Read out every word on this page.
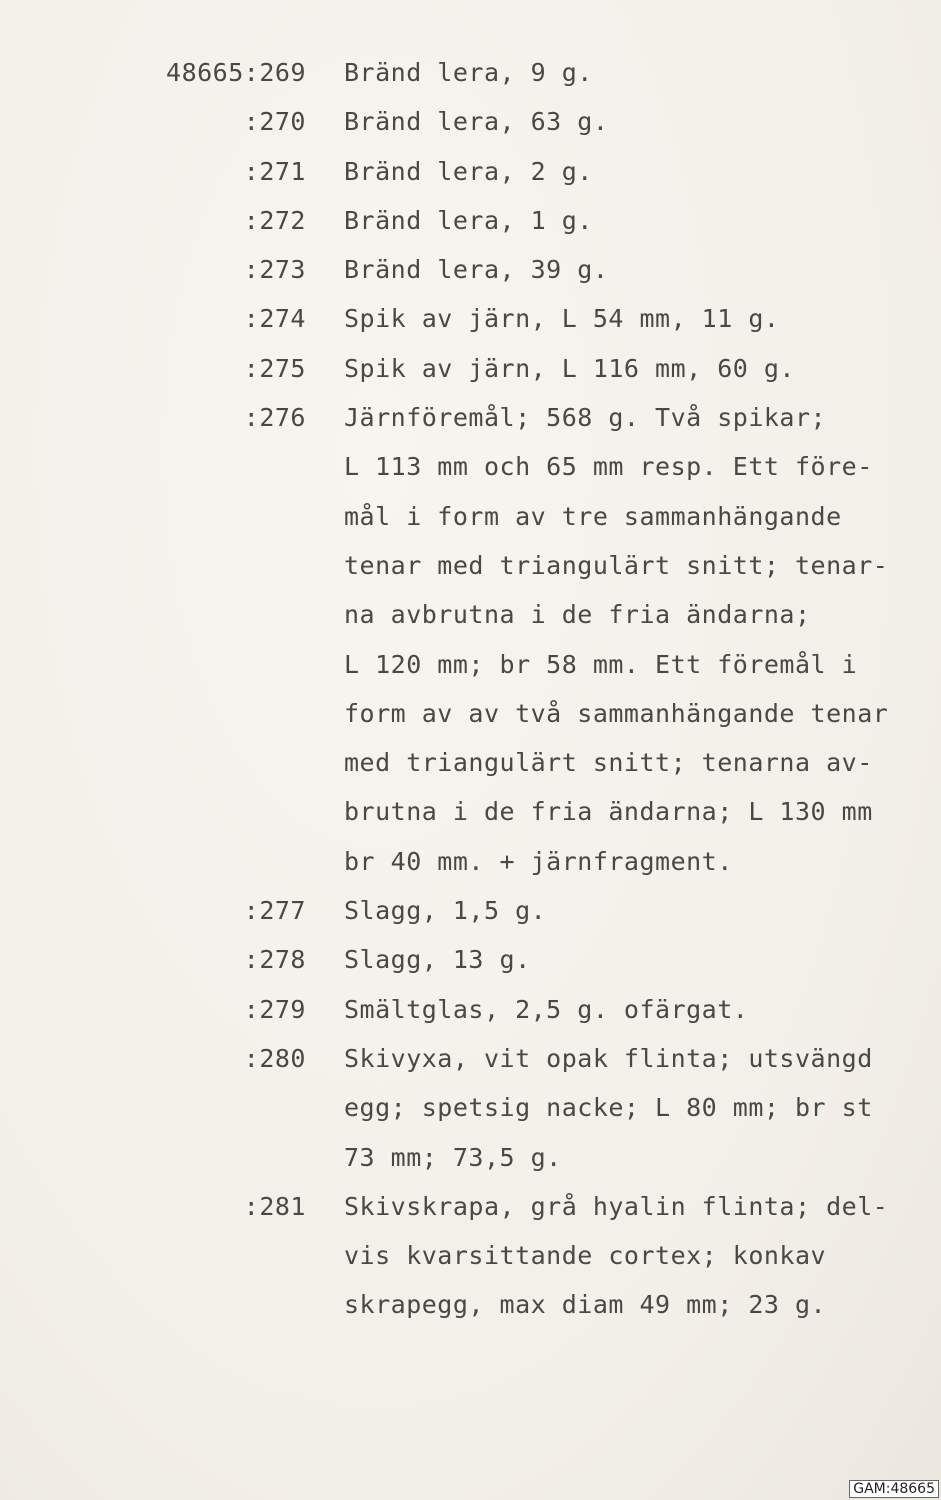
48665:269 Bränd lera, 9 g.
:270 Bränd lera, 63 g.
:271 Bränd lera, 2 g.
:272 Bränd lera, 1 g.
:273 Bränd lera, 39 g.
:274 Spik av järn, L 54 mm, 11 g.
:275 Spik av järn, L 116 mm, 60 g.
:276 Järnföremål; 568 g. Två spikar;
L 113 mm och 65 mm resp. Ett före-
mål i form av tre sammanhängande
tenar med triangulärt snitt; tenar-
na avbrutna i de fria ändarna;
L 120 mm; br 58 mm. Ett föremål i
form av av två sammanhängande tenar
med triangulärt snitt; tenarna av-
brutna i de fria ändarna; L 130 mm
br 40 mm. + järnfragment.
:277 Slagg, 1,5 g.
:278 Slagg, 13 g.
:279 Smältglas, 2,5 g. ofärgat.
:280 Skivyxa, vit opak flinta; utsvängd
egg; spetsig nacke; L 80 mm; br st
73 mm; 73,5 g.
:281 Skivskrapa, grå hyalin flinta; del-
vis kvarsittande cortex; konkav
skrapegg, max diam 49 mm; 23 g.
GAM:48665
